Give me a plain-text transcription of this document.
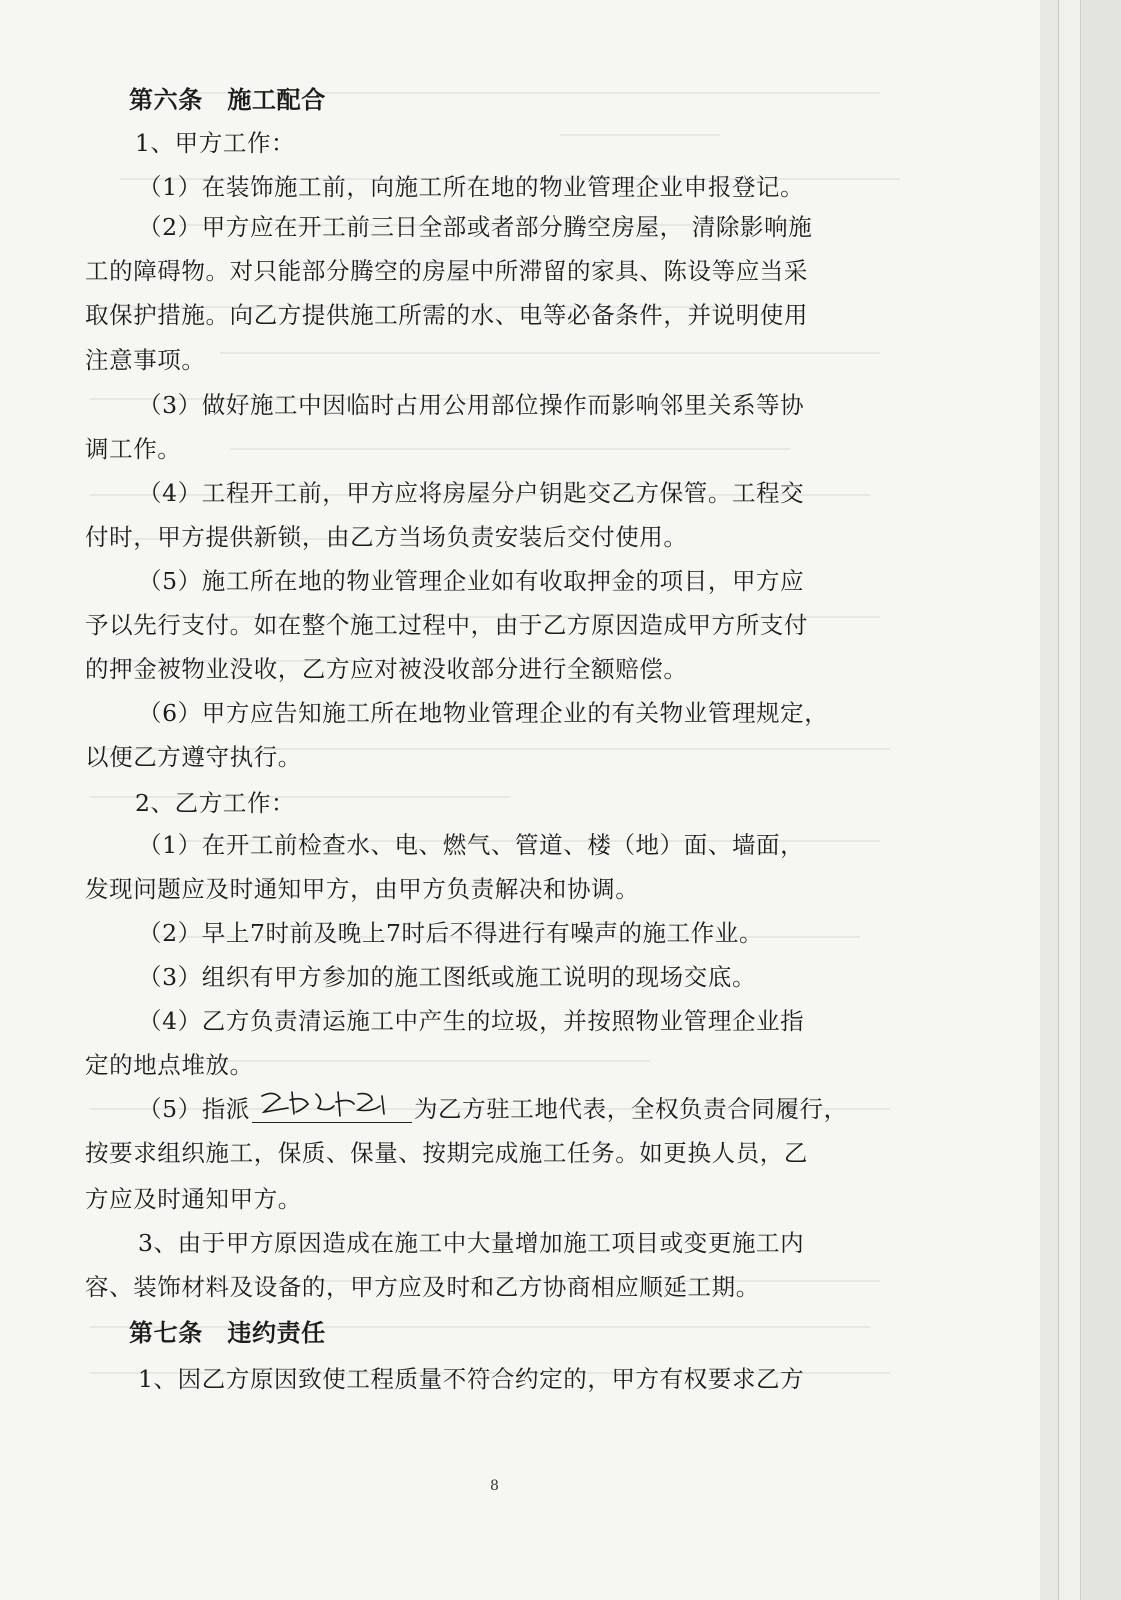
第六条　施工配合
1、甲方工作：
（1）在装饰施工前，向施工所在地的物业管理企业申报登记。
（2）甲方应在开工前三日全部或者部分腾空房屋， 清除影响施
工的障碍物。对只能部分腾空的房屋中所滞留的家具、陈设等应当采
取保护措施。向乙方提供施工所需的水、电等必备条件，并说明使用
注意事项。
（3）做好施工中因临时占用公用部位操作而影响邻里关系等协
调工作。
（4）工程开工前，甲方应将房屋分户钥匙交乙方保管。工程交
付时，甲方提供新锁，由乙方当场负责安装后交付使用。
（5）施工所在地的物业管理企业如有收取押金的项目，甲方应
予以先行支付。如在整个施工过程中，由于乙方原因造成甲方所支付
的押金被物业没收，乙方应对被没收部分进行全额赔偿。
（6）甲方应告知施工所在地物业管理企业的有关物业管理规定，
以便乙方遵守执行。
2、乙方工作：
（1）在开工前检查水、电、燃气、管道、楼（地）面、墙面，
发现问题应及时通知甲方，由甲方负责解决和协调。
（2）早上7时前及晚上7时后不得进行有噪声的施工作业。
（3）组织有甲方参加的施工图纸或施工说明的现场交底。
（4）乙方负责清运施工中产生的垃圾，并按照物业管理企业指
定的地点堆放。
（5）指派	为乙方驻工地代表，全权负责合同履行，
按要求组织施工，保质、保量、按期完成施工任务。如更换人员，乙
方应及时通知甲方。
3、由于甲方原因造成在施工中大量增加施工项目或变更施工内
容、装饰材料及设备的，甲方应及时和乙方协商相应顺延工期。
第七条　违约责任
1、因乙方原因致使工程质量不符合约定的，甲方有权要求乙方
8
